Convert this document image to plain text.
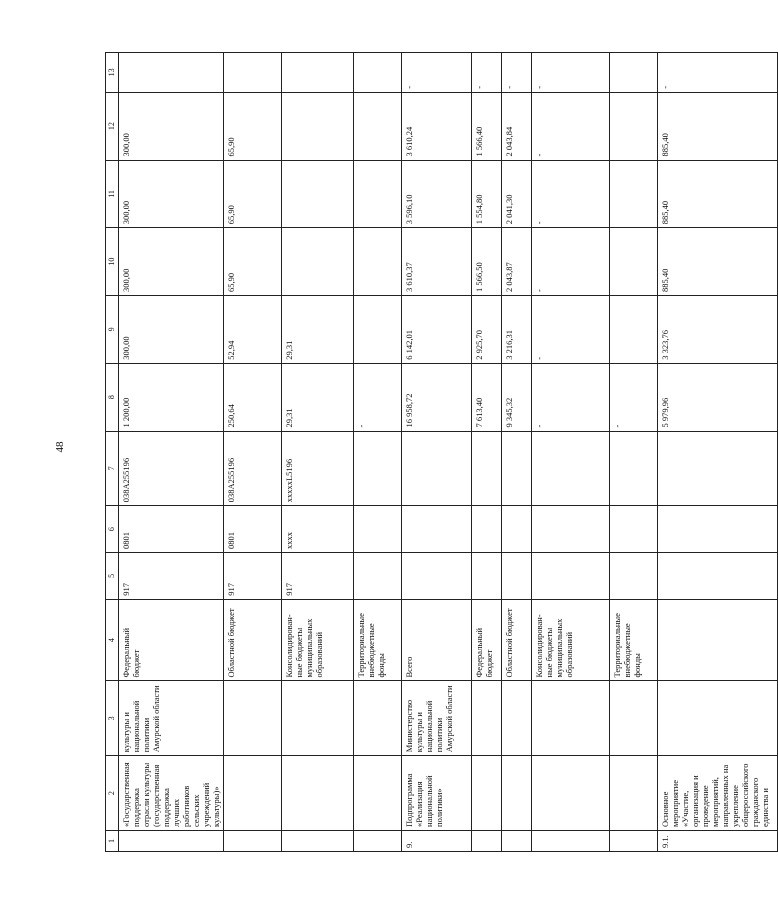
48
1	2	3	4	5	6	7	8	9	10	11	12	13
	«Государственная поддержка отрасли культуры (государственная поддержка лучших работников сельских учреждений культуры)»	культуры и национальной политики Амурской области	Федеральный бюджет	917	0801	038A255196	1 200,00	300,00	300,00	300,00	300,00	
			Областной бюджет	917	0801	038A255196	250,64	52,94	65,90	65,90	65,90	
			Консолидирован-ные бюджеты муниципальных образований	917	xxxx	xxxxxL5196	29,31	29,31				
			Территориальные внебюджетные фонды				-					
9.	Подпрограмма «Реализация национальной политики»	Министерство культуры и национальной политики Амурской области	Всего				16 958,72	6 142,01	3 610,37	3 596,10	3 610,24	-
			Федеральный бюджет				7 613,40	2 925,70	1 566,50	1 554,80	1 566,40	-
			Областной бюджет				9 345,32	3 216,31	2 043,87	2 041,30	2 043,84	-
			Консолидирован-ные бюджеты муниципальных образований				-	-	-	-	-	-
			Территориальные внебюджетные фонды				-					
9.1.	Основное мероприятие «Участие, организация и проведение мероприятий, направленных на укрепление общероссийского гражданского единства и						5 979,96	3 323,76	885,40	885,40	885,40	-
